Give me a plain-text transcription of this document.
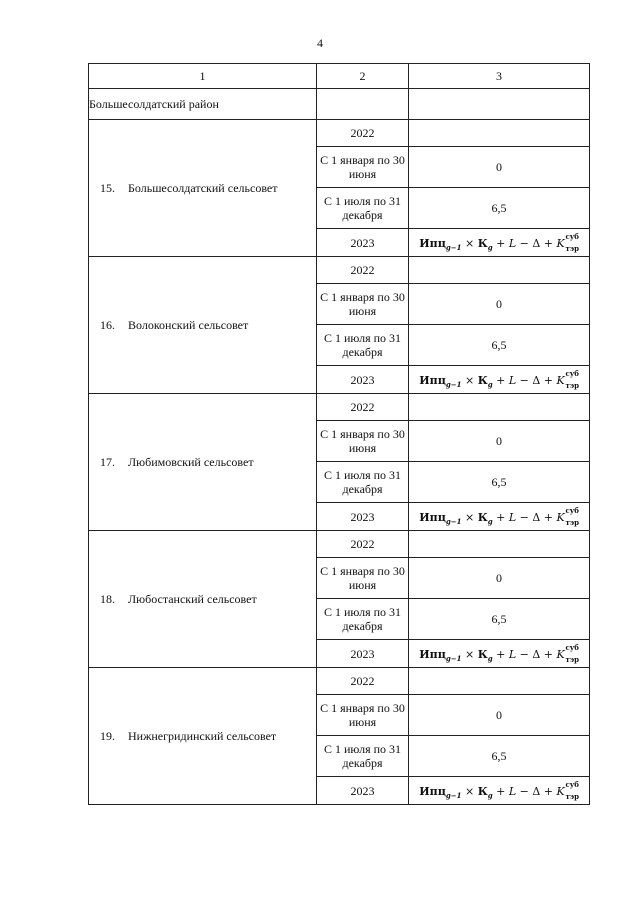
4
1	2	3
Большесолдатский район		
15. Большесолдатский сельсовет	2022	
	С 1 января по 30 июня	0
	С 1 июля по 31 декабря	6,5
	2023	$Ипц_{g-1} \times К_g + L - \Delta + K$
суб
тэр

16. Волоконский сельсовет	2022	
	С 1 января по 30 июня	0
	С 1 июля по 31 декабря	6,5
	2023	$Ипц_{g-1} \times К_g + L - \Delta + K$
суб
тэр

17. Любимовский сельсовет	2022	
	С 1 января по 30 июня	0
	С 1 июля по 31 декабря	6,5
	2023	$Ипц_{g-1} \times К_g + L - \Delta + K$
суб
тэр

18. Любостанский сельсовет	2022	
	С 1 января по 30 июня	0
	С 1 июля по 31 декабря	6,5
	2023	$Ипц_{g-1} \times К_g + L - \Delta + K$
суб
тэр

19. Нижнегридинский сельсовет	2022	
	С 1 января по 30 июня	0
	С 1 июля по 31 декабря	6,5
	2023	$Ипц_{g-1} \times К_g + L - \Delta + K$
суб
тэр
